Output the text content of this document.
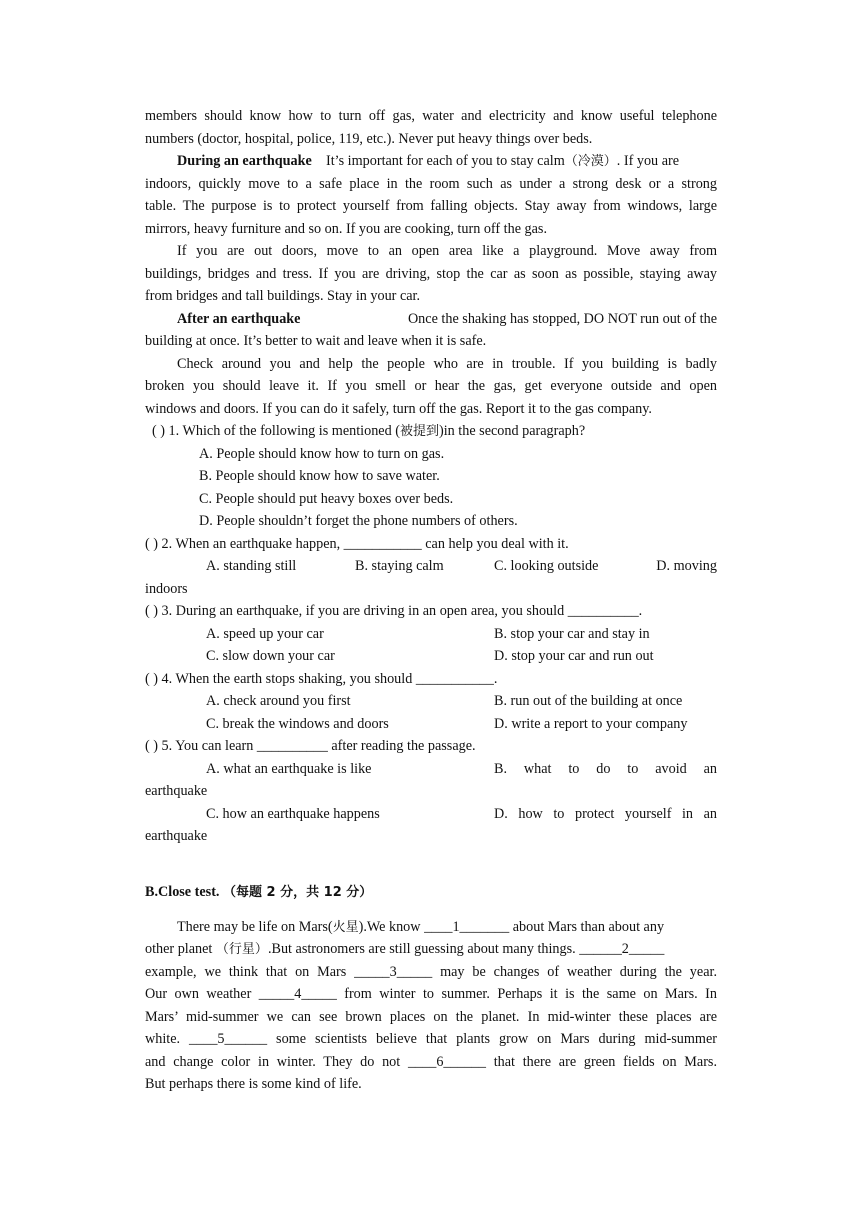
members should know how to turn off gas, water and electricity and know useful telephone
numbers (doctor, hospital, police, 119, etc.). Never put heavy things over beds.
During an earthquake It’s important for each of you to stay calm（冷漠）. If you are
indoors, quickly move to a safe place in the room such as under a strong desk or a strong
table. The purpose is to protect yourself from falling objects. Stay away from windows, large
mirrors, heavy furniture and so on. If you are cooking, turn off the gas.
If you are out doors, move to an open area like a playground. Move away from
buildings, bridges and tress. If you are driving, stop the car as soon as possible, staying away
from bridges and tall buildings. Stay in your car.
After an earthquake	Once the shaking has stopped, DO NOT run out of the
building at once. It’s better to wait and leave when it is safe.
Check around you and help the people who are in trouble. If you building is badly
broken you should leave it. If you smell or hear the gas, get everyone outside and open
windows and doors. If you can do it safely, turn off the gas. Report it to the gas company.
( ) 1. Which of the following is mentioned (被提到)in the second paragraph?
A. People should know how to turn on gas.
B. People should know how to save water.
C. People should put heavy boxes over beds.
D. People shouldn’t forget the phone numbers of others.
( ) 2. When an earthquake happen, ___________ can help you deal with it.
A. standing still	B. staying calm	C. looking outside	D. moving
indoors
( ) 3. During an earthquake, if you are driving in an open area, you should __________.
A. speed up your car	B. stop your car and stay in
C. slow down your car	D. stop your car and run out
( ) 4. When the earth stops shaking, you should ___________.
A. check around you first	B. run out of the building at once
C. break the windows and doors	D. write a report to your company
( ) 5. You can learn __________ after reading the passage.
A. what an earthquake is like	B. what to do to avoid an
earthquake
C. how an earthquake happens	D. how to protect yourself in an
earthquake
B.Close test. （每题 2 分，共 12 分）
There may be life on Mars(火星).We know ____1_______ about Mars than about any
other planet （行星）.But astronomers are still guessing about many things. ______2_____
example, we think that on Mars _____3_____ may be changes of weather during the year.
Our own weather _____4_____ from winter to summer. Perhaps it is the same on Mars. In
Mars’ mid-summer we can see brown places on the planet. In mid-winter these places are
white. ____5______ some scientists believe that plants grow on Mars during mid-summer
and change color in winter. They do not ____6______ that there are green fields on Mars.
But perhaps there is some kind of life.
